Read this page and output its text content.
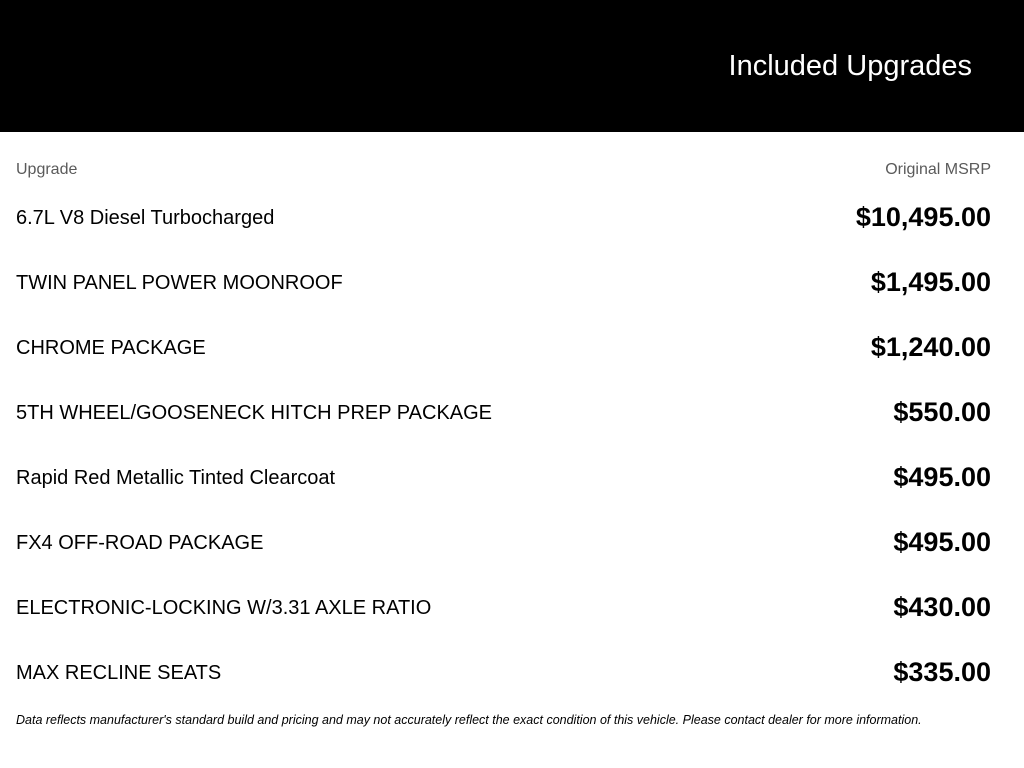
Included Upgrades
Upgrade	Original MSRP
6.7L V8 Diesel Turbocharged	$10,495.00
TWIN PANEL POWER MOONROOF	$1,495.00
CHROME PACKAGE	$1,240.00
5TH WHEEL/GOOSENECK HITCH PREP PACKAGE	$550.00
Rapid Red Metallic Tinted Clearcoat	$495.00
FX4 OFF-ROAD PACKAGE	$495.00
ELECTRONIC-LOCKING W/3.31 AXLE RATIO	$430.00
MAX RECLINE SEATS	$335.00
Data reflects manufacturer's standard build and pricing and may not accurately reflect the exact condition of this vehicle. Please contact dealer for more information.
